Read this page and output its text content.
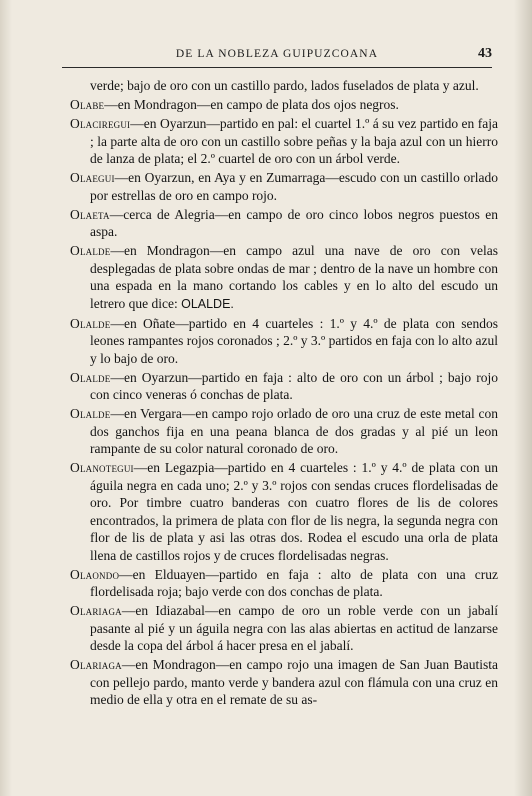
DE LA NOBLEZA GUIPUZCOANA	43

verde; bajo de oro con un castillo pardo, lados fuselados de plata y azul.

Olabe—en Mondragon—en campo de plata dos ojos negros.

Olaciregui—en Oyarzun—partido en pal: el cuartel 1.º á su vez partido en faja ; la parte alta de oro con un castillo sobre peñas y la baja azul con un hierro de lanza de plata; el 2.º cuartel de oro con un árbol verde.

Olaegui—en Oyarzun, en Aya y en Zumarraga—escudo con un castillo orlado por estrellas de oro en campo rojo.

Olaeta—cerca de Alegria—en campo de oro cinco lobos negros puestos en aspa.

Olalde—en Mondragon—en campo azul una nave de oro con velas desplegadas de plata sobre ondas de mar ; dentro de la nave un hombre con una espada en la mano cortando los cables y en lo alto del escudo un letrero que dice: OLALDE.

Olalde—en Oñate—partido en 4 cuarteles : 1.º y 4.º de plata con sendos leones rampantes rojos coronados ; 2.º y 3.º partidos en faja con lo alto azul y lo bajo de oro.

Olalde—en Oyarzun—partido en faja : alto de oro con un árbol ; bajo rojo con cinco veneras ó conchas de plata.

Olalde—en Vergara—en campo rojo orlado de oro una cruz de este metal con dos ganchos fija en una peana blanca de dos gradas y al pié un leon rampante de su color natural coronado de oro.

Olanotegui—en Legazpia—partido en 4 cuarteles : 1.º y 4.º de plata con un águila negra en cada uno; 2.º y 3.º rojos con sendas cruces flordelisadas de oro. Por timbre cuatro banderas con cuatro flores de lis de colores encontrados, la primera de plata con flor de lis negra, la segunda negra con flor de lis de plata y asi las otras dos. Rodea el escudo una orla de plata llena de castillos rojos y de cruces flordelisadas negras.

Olaondo—en Elduayen—partido en faja : alto de plata con una cruz flordelisada roja; bajo verde con dos conchas de plata.

Olariaga—en Idiazabal—en campo de oro un roble verde con un jabalí pasante al pié y un águila negra con las alas abiertas en actitud de lanzarse desde la copa del árbol á hacer presa en el jabalí.

Olariaga—en Mondragon—en campo rojo una imagen de San Juan Bautista con pellejo pardo, manto verde y bandera azul con flámula con una cruz en medio de ella y otra en el remate de su as-
